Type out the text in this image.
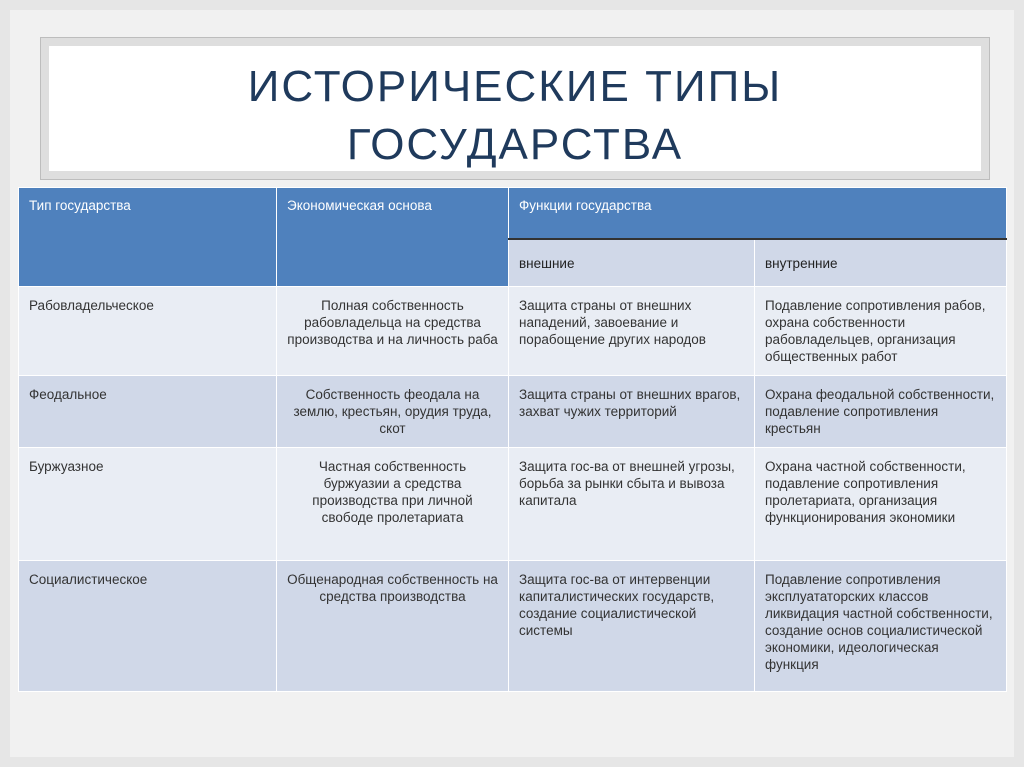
ИСТОРИЧЕСКИЕ ТИПЫ
ГОСУДАРСТВА
Тип государства	Экономическая основа	Функции государства	
		внешние	внутренние
Рабовладельческое	Полная собственность рабовладельца на средства производства и на личность раба	Защита страны от внешних нападений, завоевание и порабощение других народов	Подавление сопротивления рабов, охрана собственности рабовладельцев, организация общественных работ
Феодальное	Собственность феодала на землю, крестьян, орудия труда, скот	Защита страны от внешних врагов, захват чужих территорий	Охрана феодальной собственности, подавление сопротивления крестьян
Буржуазное	Частная собственность буржуазии а средства производства при личной свободе пролетариата	Защита гос-ва от внешней угрозы, борьба за рынки сбыта и вывоза капитала	Охрана частной собственности, подавление сопротивления пролетариата, организация функционирования экономики
Социалистическое	Общенародная собственность на средства производства	Защита гос-ва от интервенции капиталистических государств, создание социалистической системы	Подавление сопротивления эксплуататорских классов ликвидация частной собственности, создание основ социалистической экономики, идеологическая функция
